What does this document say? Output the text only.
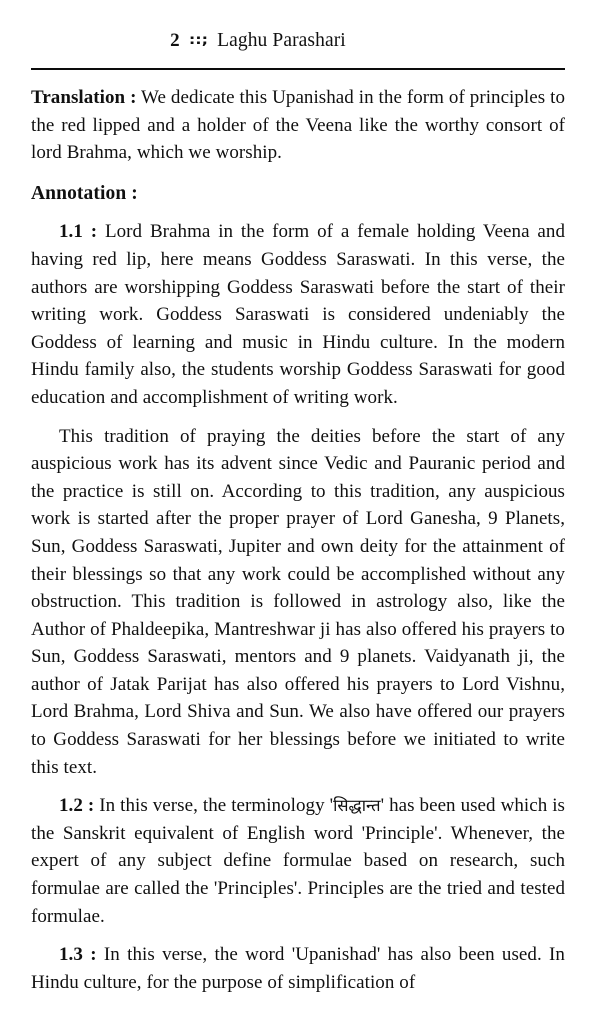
2 ::; Laghu Parashari

Translation : We dedicate this Upanishad in the form of principles to the red lipped and a holder of the Veena like the worthy consort of lord Brahma, which we worship.

Annotation :

1.1 : Lord Brahma in the form of a female holding Veena and having red lip, here means Goddess Saraswati. In this verse, the authors are worshipping Goddess Saraswati before the start of their writing work. Goddess Saraswati is considered undeniably the Goddess of learning and music in Hindu culture. In the modern Hindu family also, the students worship Goddess Saraswati for good education and accomplishment of writing work.

This tradition of praying the deities before the start of any auspicious work has its advent since Vedic and Pauranic period and the practice is still on. According to this tradition, any auspicious work is started after the proper prayer of Lord Ganesha, 9 Planets, Sun, Goddess Saraswati, Jupiter and own deity for the attainment of their blessings so that any work could be accomplished without any obstruction. This tradition is followed in astrology also, like the Author of Phaldeepika, Mantreshwar ji has also offered his prayers to Sun, Goddess Saraswati, mentors and 9 planets. Vaidyanath ji, the author of Jatak Parijat has also offered his prayers to Lord Vishnu, Lord Brahma, Lord Shiva and Sun. We also have offered our prayers to Goddess Saraswati for her blessings before we initiated to write this text.

1.2 : In this verse, the terminology 'सिद्धान्त' has been used which is the Sanskrit equivalent of English word 'Principle'. Whenever, the expert of any subject define formulae based on research, such formulae are called the 'Principles'. Principles are the tried and tested formulae.

1.3 : In this verse, the word 'Upanishad' has also been used. In Hindu culture, for the purpose of simplification of
